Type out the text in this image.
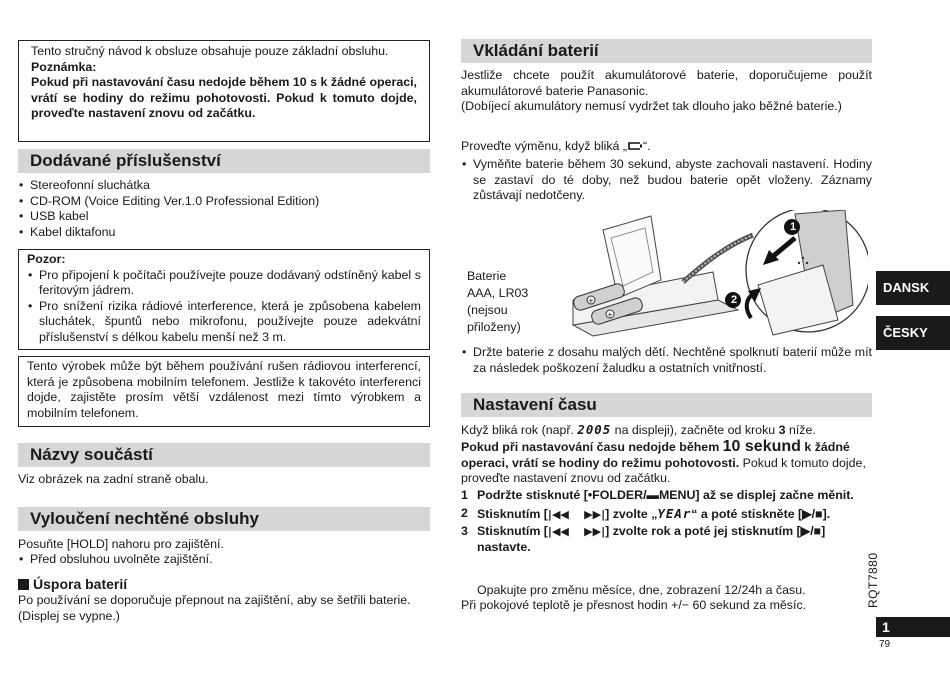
Tento stručný návod k obsluze obsahuje pouze základní obsluhu.
Poznámka:
Pokud při nastavování času nedojde během 10 s k žádné operaci, vrátí se hodiny do režimu pohotovosti. Pokud k tomuto dojde, proveďte nastavení znovu od začátku.
Dodávané příslušenství
• Stereofonní sluchátka
• CD-ROM (Voice Editing Ver.1.0 Professional Edition)
• USB kabel
• Kabel diktafonu
Pozor:
• Pro připojení k počítači používejte pouze dodávaný odstíněný kabel s feritovým jádrem.
• Pro snížení rizika rádiové interference, která je způsobena kabelem sluchátek, špuntů nebo mikrofonu, používejte pouze adekvátní příslušenství s délkou kabelu menší než 3 m.
Tento výrobek může být během používání rušen rádiovou interferencí, která je způsobena mobilním telefonem. Jestliže k takovéto interferenci dojde, zajistěte prosím větší vzdálenost mezi tímto výrobkem a mobilním telefonem.
Názvy součástí
Viz obrázek na zadní straně obalu.
Vyloučení nechtěné obsluhy
Posuňte [HOLD] nahoru pro zajištění.
• Před obsluhou uvolněte zajištění.
Úspora baterií
Po používání se doporučuje přepnout na zajištění, aby se šetřili baterie. (Displej se vypne.)
Vkládání baterií
Jestliže chcete použít akumulátorové baterie, doporučujeme použít akumulátorové baterie Panasonic.
(Dobíjecí akumulátory nemusí vydržet tak dlouho jako běžné baterie.)
Proveďte výměnu, když bliká „ “.
• Vyměňte baterie během 30 sekund, abyste zachovali nastavení. Hodiny se zastaví do té doby, než budou baterie opět vloženy. Záznamy zůstávají nedotčeny.
Baterie
AAA, LR03
(nejsou
přiloženy)
+
+
1
2
• Držte baterie z dosahu malých dětí. Nechtěné spolknutí baterií může mít za následek poškození žaludku a ostatních vnitřností.
Nastavení času
Když bliká rok (např. 2005 na displeji), začněte od kroku 3 níže.
Pokud při nastavování času nedojde během 10 sekund k žádné operaci, vrátí se hodiny do režimu pohotovosti. Pokud k tomuto dojde, proveďte nastavení znovu od začátku.
1 Podržte stisknuté [•FOLDER/▬MENU] až se displej začne měnit.
2 Stisknutím [|◀◀    ▶▶|] zvolte „YEAr“ a poté stiskněte [▶/■].
3 Stisknutím [|◀◀    ▶▶|] zvolte rok a poté jej stisknutím [▶/■] nastavte.
Opakujte pro změnu měsíce, dne, zobrazení 12/24h a času.
Při pokojové teplotě je přesnost hodin +/− 60 sekund za měsíc.
DANSK
ČESKY
RQT7880
1
79
